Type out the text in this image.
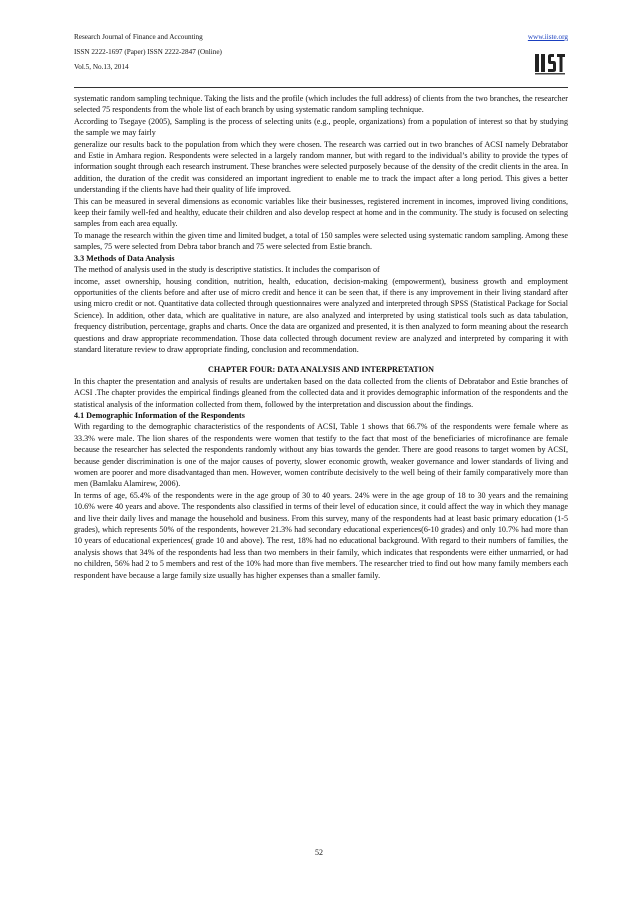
Research Journal of Finance and Accounting
ISSN 2222-1697 (Paper) ISSN 2222-2847 (Online)
Vol.5, No.13, 2014
www.iiste.org

systematic random sampling technique. Taking the lists and the profile (which includes the full address) of clients from the two branches, the researcher selected 75 respondents from the whole list of each branch by using systematic random sampling technique.

According to Tsegaye (2005), Sampling is the process of selecting units (e.g., people, organizations) from a population of interest so that by studying the sample we may fairly

generalize our results back to the population from which they were chosen. The research was carried out in two branches of ACSI namely Debratabor and Estie in Amhara region. Respondents were selected in a largely random manner, but with regard to the individual’s ability to provide the types of information sought through each research instrument. These branches were selected purposely because of the density of the credit clients in the area. In addition, the duration of the credit was considered an important ingredient to enable me to track the impact after a long period. This gives a better understanding if the clients have had their quality of life improved.

This can be measured in several dimensions as economic variables like their businesses, registered increment in incomes, improved living conditions, keep their family well-fed and healthy, educate their children and also develop respect at home and in the community. The study is focused on selecting samples from each area equally.

To manage the research within the given time and limited budget, a total of 150 samples were selected using systematic random sampling. Among these samples, 75 were selected from Debra tabor branch and 75 were selected from Estie branch.

3.3 Methods of Data Analysis

The method of analysis used in the study is descriptive statistics. It includes the comparison of

income, asset ownership, housing condition, nutrition, health, education, decision-making (empowerment), business growth and employment opportunities of the clients before and after use of micro credit and hence it can be seen that, if there is any improvement in their living standard after using micro credit or not. Quantitative data collected through questionnaires were analyzed and interpreted through SPSS (Statistical Package for Social Science). In addition, other data, which are qualitative in nature, are also analyzed and interpreted by using statistical tools such as data tabulation, frequency distribution, percentage, graphs and charts. Once the data are organized and presented, it is then analyzed to form meaning about the research questions and draw appropriate recommendation. Those data collected through document review are analyzed and interpreted by comparing it with standard literature review to draw appropriate finding, conclusion and recommendation.

CHAPTER FOUR: DATA ANALYSIS AND INTERPRETATION

In this chapter the presentation and analysis of results are undertaken based on the data collected from the clients of Debratabor and Estie branches of ACSI .The chapter provides the empirical findings gleaned from the collected data and it provides demographic information of the respondents and the statistical analysis of the information collected from them, followed by the interpretation and discussion about the findings.

4.1 Demographic Information of the Respondents

With regarding to the demographic characteristics of the respondents of ACSI, Table 1 shows that 66.7% of the respondents were female where as 33.3% were male. The lion shares of the respondents were women that testify to the fact that most of the beneficiaries of microfinance are female because the researcher has selected the respondents randomly without any bias towards the gender. There are good reasons to target women by ACSI, because gender discrimination is one of the major causes of poverty, slower economic growth, weaker governance and lower standards of living and women are poorer and more disadvantaged than men. However, women contribute decisively to the well being of their family comparatively more than men (Bamlaku Alamirew, 2006).

In terms of age, 65.4% of the respondents were in the age group of 30 to 40 years. 24% were in the age group of 18 to 30 years and the remaining 10.6% were 40 years and above. The respondents also classified in terms of their level of education since, it could affect the way in which they manage and live their daily lives and manage the household and business. From this survey, many of the respondents had at least basic primary education (1-5 grades), which represents 50% of the respondents, however 21.3% had secondary educational experiences(6-10 grades) and only 10.7% had more than 10 years of educational experiences( grade 10 and above). The rest, 18% had no educational background. With regard to their numbers of families, the analysis shows that 34% of the respondents had less than two members in their family, which indicates that respondents were either unmarried, or had no children, 56% had 2 to 5 members and rest of the 10% had more than five members. The researcher tried to find out how many family members each respondent have because a large family size usually has higher expenses than a smaller family.

52
